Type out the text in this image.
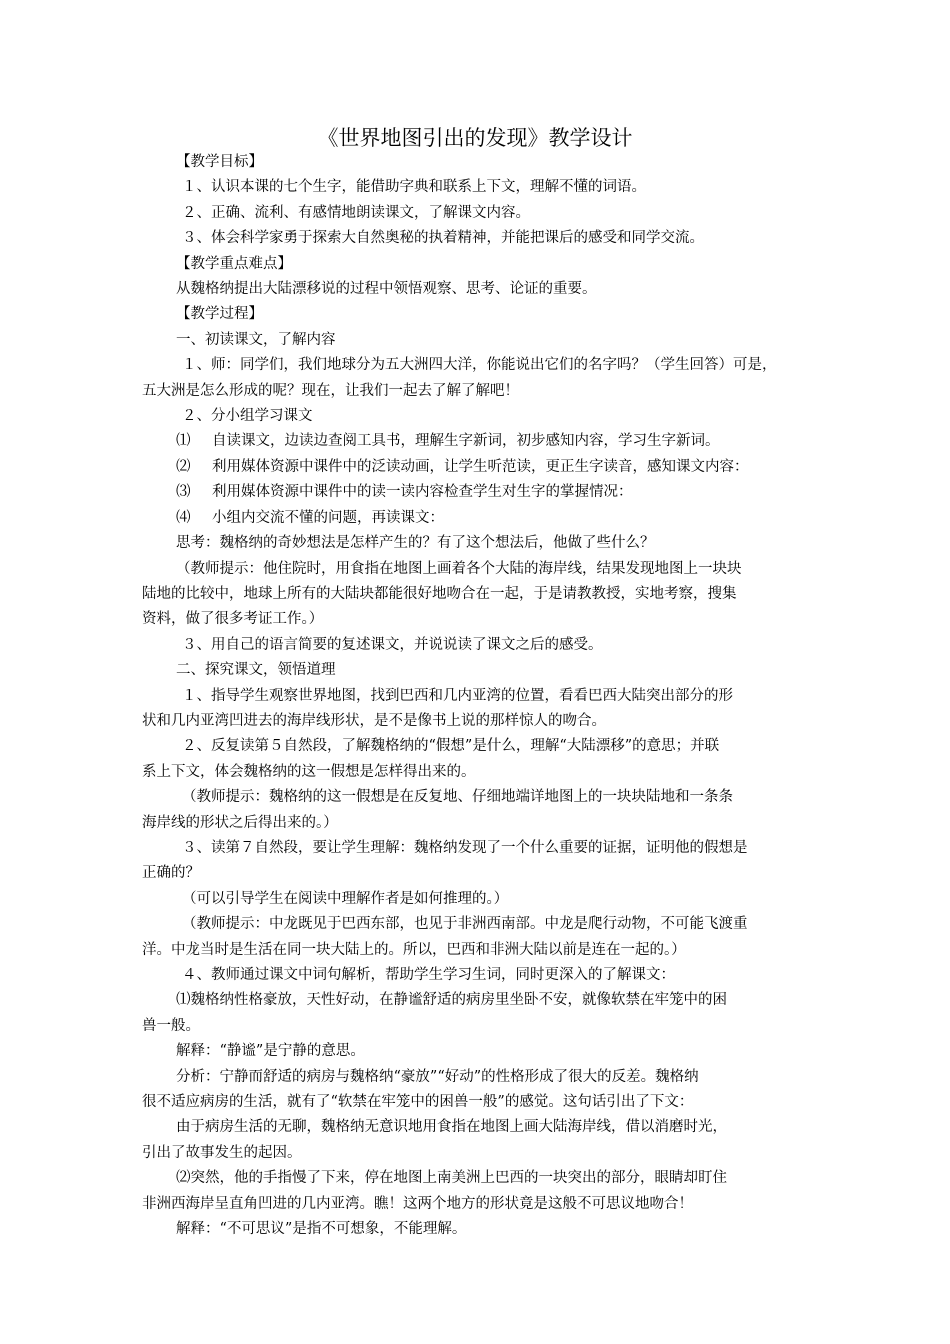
《世界地图引出的发现》教学设计

【教学目标】

１、认识本课的七个生字，能借助字典和联系上下文，理解不懂的词语。

２、正确、流利、有感情地朗读课文，了解课文内容。

３、体会科学家勇于探索大自然奥秘的执着精神，并能把课后的感受和同学交流。

【教学重点难点】

从魏格纳提出大陆漂移说的过程中领悟观察、思考、论证的重要。

【教学过程】

一、初读课文，了解内容

１、师：同学们，我们地球分为五大洲四大洋，你能说出它们的名字吗？（学生回答）可是，

五大洲是怎么形成的呢？现在，让我们一起去了解了解吧！

２、分小组学习课文

⑴ 自读课文，边读边查阅工具书，理解生字新词，初步感知内容，学习生字新词。

⑵ 利用媒体资源中课件中的泛读动画，让学生听范读，更正生字读音，感知课文内容：

⑶ 利用媒体资源中课件中的读一读内容检查学生对生字的掌握情况：

⑷ 小组内交流不懂的问题，再读课文：

思考：魏格纳的奇妙想法是怎样产生的？有了这个想法后，他做了些什么？

（教师提示：他住院时，用食指在地图上画着各个大陆的海岸线，结果发现地图上一块块

陆地的比较中，地球上所有的大陆块都能很好地吻合在一起，于是请教教授，实地考察，搜集

资料，做了很多考证工作。）

３、用自己的语言简要的复述课文，并说说读了课文之后的感受。

二、探究课文，领悟道理

１、指导学生观察世界地图，找到巴西和几内亚湾的位置，看看巴西大陆突出部分的形

状和几内亚湾凹进去的海岸线形状，是不是像书上说的那样惊人的吻合。

２、反复读第５自然段，了解魏格纳的“假想”是什么，理解“大陆漂移”的意思；并联

系上下文，体会魏格纳的这一假想是怎样得出来的。

（教师提示：魏格纳的这一假想是在反复地、仔细地端详地图上的一块块陆地和一条条

海岸线的形状之后得出来的。）

３、读第７自然段，要让学生理解：魏格纳发现了一个什么重要的证据，证明他的假想是

正确的？

（可以引导学生在阅读中理解作者是如何推理的。）

（教师提示：中龙既见于巴西东部，也见于非洲西南部。中龙是爬行动物，不可能飞渡重

洋。中龙当时是生活在同一块大陆上的。所以，巴西和非洲大陆以前是连在一起的。）

４、教师通过课文中词句解析，帮助学生学习生词，同时更深入的了解课文：

⑴魏格纳性格豪放，天性好动，在静谧舒适的病房里坐卧不安，就像软禁在牢笼中的困

兽一般。

解释：“静谧”是宁静的意思。

分析：宁静而舒适的病房与魏格纳“豪放”“好动”的性格形成了很大的反差。魏格纳

很不适应病房的生活，就有了“软禁在牢笼中的困兽一般”的感觉。这句话引出了下文：

由于病房生活的无聊，魏格纳无意识地用食指在地图上画大陆海岸线，借以消磨时光，

引出了故事发生的起因。

⑵突然，他的手指慢了下来，停在地图上南美洲上巴西的一块突出的部分，眼睛却盯住

非洲西海岸呈直角凹进的几内亚湾。瞧！这两个地方的形状竟是这般不可思议地吻合！

解释：“不可思议”是指不可想象，不能理解。
